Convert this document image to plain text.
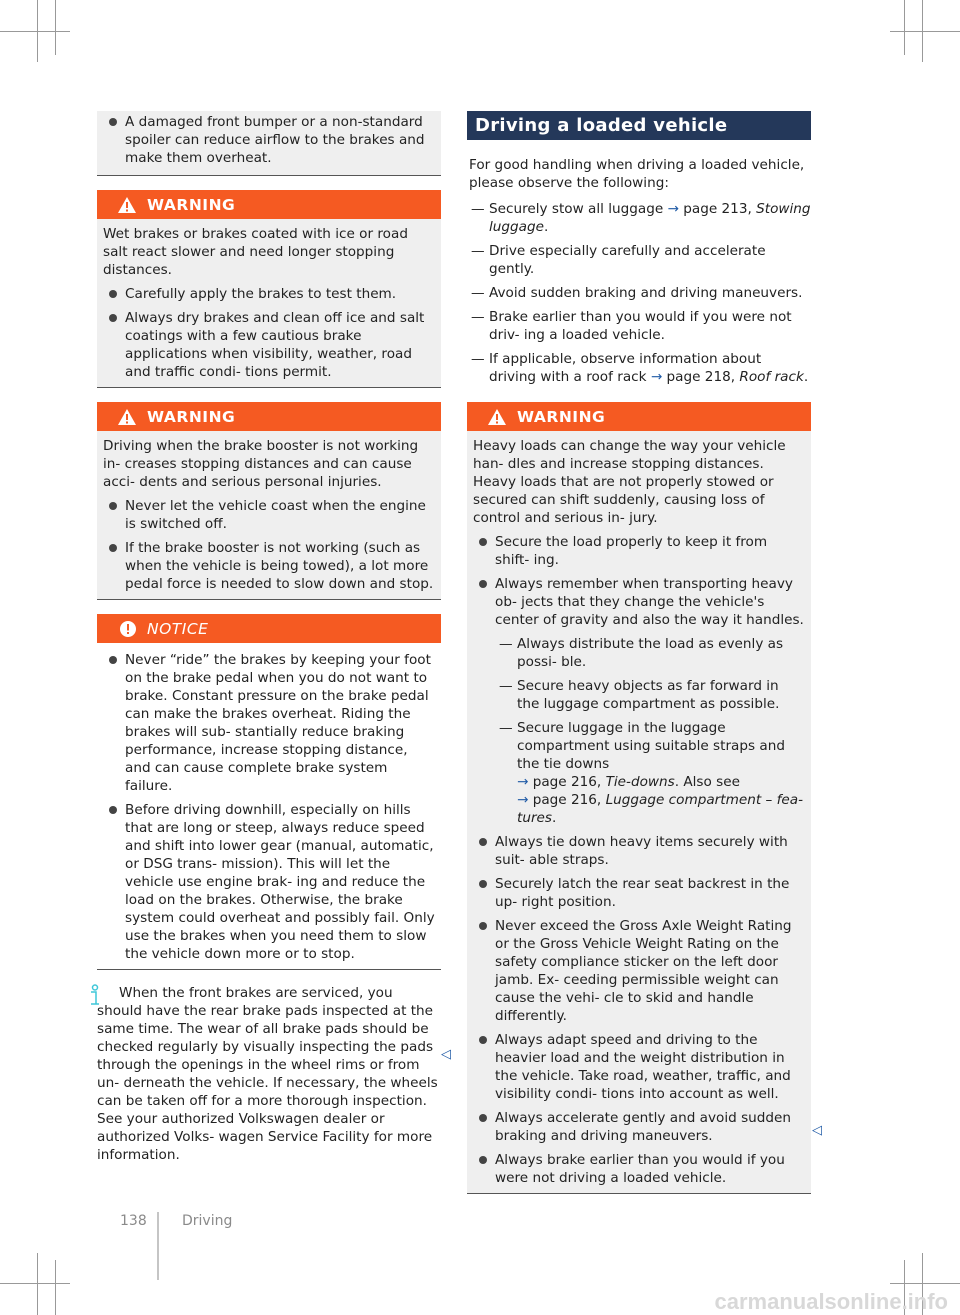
A damaged front bumper or a non-standard spoiler can reduce airflow to the brakes and make them overheat.
WARNING

Wet brakes or brakes coated with ice or road salt react slower and need longer stopping distances.

Carefully apply the brakes to test them.
Always dry brakes and clean off ice and salt coatings with a few cautious brake applications when visibility, weather, road and traffic condi- tions permit.
WARNING

Driving when the brake booster is not working in- creases stopping distances and can cause acci- dents and serious personal injuries.

Never let the vehicle coast when the engine is switched off.
If the brake booster is not working (such as when the vehicle is being towed), a lot more pedal force is needed to slow down and stop.
NOTICE
Never “ride” the brakes by keeping your foot on the brake pedal when you do not want to brake. Constant pressure on the brake pedal can make the brakes overheat. Riding the brakes will sub- stantially reduce braking performance, increase stopping distance, and can cause complete brake system failure.
Before driving downhill, especially on hills that are long or steep, always reduce speed and shift into lower gear (manual, automatic, or DSG trans- mission). This will let the vehicle use engine brak- ing and reduce the load on the brakes. Otherwise, the brake system could overheat and possibly fail. Only use the brakes when you need them to slow the vehicle down more or to stop.
When the front brakes are serviced, you should have the rear brake pads inspected at the same time. The wear of all brake pads should be checked regularly by visually inspecting the pads through the openings in the wheel rims or from un- derneath the vehicle. If necessary, the wheels can be taken off for a more thorough inspection. See your authorized Volkswagen dealer or authorized Volks- wagen Service Facility for more information.
◁
Driving a loaded vehicle

For good handling when driving a loaded vehicle, please observe the following:

— Securely stow all luggage → page 213, Stowing luggage.
— Drive especially carefully and accelerate gently.
— Avoid sudden braking and driving maneuvers.
— Brake earlier than you would if you were not driv- ing a loaded vehicle.
— If applicable, observe information about driving with a roof rack → page 218, Roof rack.
WARNING

Heavy loads can change the way your vehicle han- dles and increase stopping distances. Heavy loads that are not properly stowed or secured can shift suddenly, causing loss of control and serious in- jury.

Secure the load properly to keep it from shift- ing.
Always remember when transporting heavy ob- jects that they change the vehicle's center of gravity and also the way it handles.
— Always distribute the load as evenly as possi- ble.
— Secure heavy objects as far forward in the luggage compartment as possible.
— Secure luggage in the luggage compartment using suitable straps and the tie downs
→ page 216, Tie-downs. Also see
→ page 216, Luggage compartment – fea- tures.
Always tie down heavy items securely with suit- able straps.
Securely latch the rear seat backrest in the up- right position.
Never exceed the Gross Axle Weight Rating or the Gross Vehicle Weight Rating on the safety compliance sticker on the left door jamb. Ex- ceeding permissible weight can cause the vehi- cle to skid and handle differently.
Always adapt speed and driving to the heavier load and the weight distribution in the vehicle. Take road, weather, traffic, and visibility condi- tions into account as well.
Always accelerate gently and avoid sudden braking and driving maneuvers.
Always brake earlier than you would if you were not driving a loaded vehicle.
◁
138	Driving
carmanualsonline.info
